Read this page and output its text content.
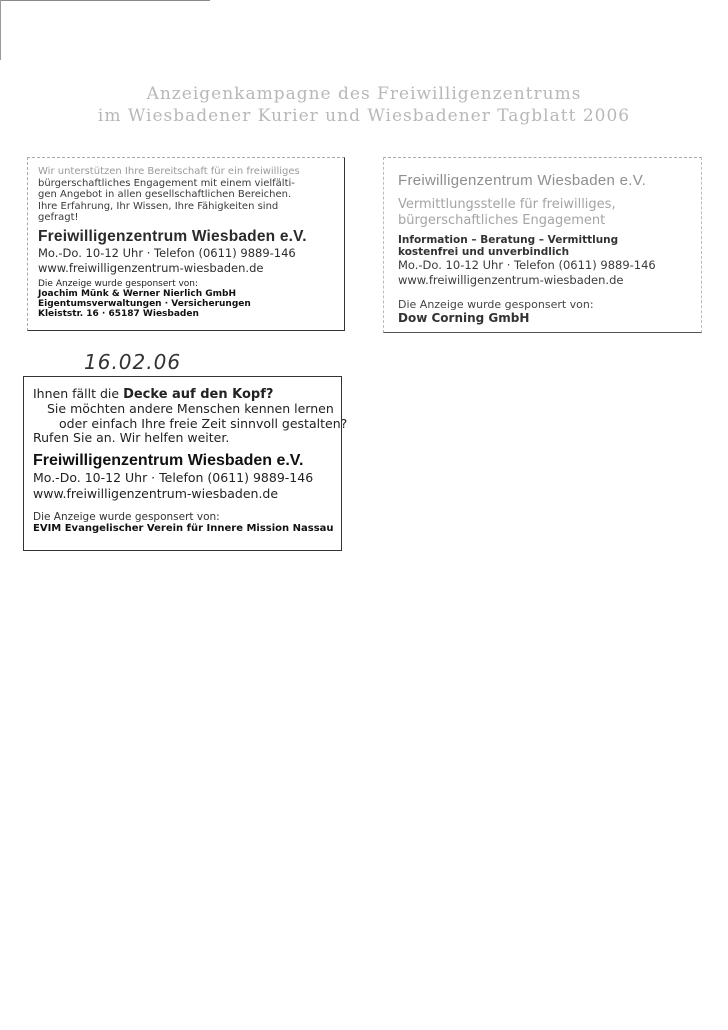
Anzeigenkampagne des Freiwilligenzentrums
im Wiesbadener Kurier und Wiesbadener Tagblatt 2006
Wir unterstützen Ihre Bereitschaft für ein freiwilliges
bürgerschaftliches Engagement mit einem vielfälti-
gen Angebot in allen gesellschaftlichen Bereichen.
Ihre Erfahrung, Ihr Wissen, Ihre Fähigkeiten sind
gefragt!
Freiwilligenzentrum Wiesbaden e.V.
Mo.-Do. 10-12 Uhr · Telefon (0611) 9889-146
www.freiwilligenzentrum-wiesbaden.de
Die Anzeige wurde gesponsert von:
Joachim Münk & Werner Nierlich GmbH
Eigentumsverwaltungen · Versicherungen
Kleiststr. 16 · 65187 Wiesbaden
Freiwilligenzentrum Wiesbaden e.V.
Vermittlungsstelle für freiwilliges,
bürgerschaftliches Engagement
Information – Beratung – Vermittlung
kostenfrei und unverbindlich
Mo.-Do. 10-12 Uhr · Telefon (0611) 9889-146
www.freiwilligenzentrum-wiesbaden.de
Die Anzeige wurde gesponsert von:
Dow Corning GmbH
16.02.06
Ihnen fällt die Decke auf den Kopf?
Sie möchten andere Menschen kennen lernen
oder einfach Ihre freie Zeit sinnvoll gestalten?
Rufen Sie an. Wir helfen weiter.
Freiwilligenzentrum Wiesbaden e.V.
Mo.-Do. 10-12 Uhr · Telefon (0611) 9889-146
www.freiwilligenzentrum-wiesbaden.de
Die Anzeige wurde gesponsert von:
EVIM Evangelischer Verein für Innere Mission Nassau
